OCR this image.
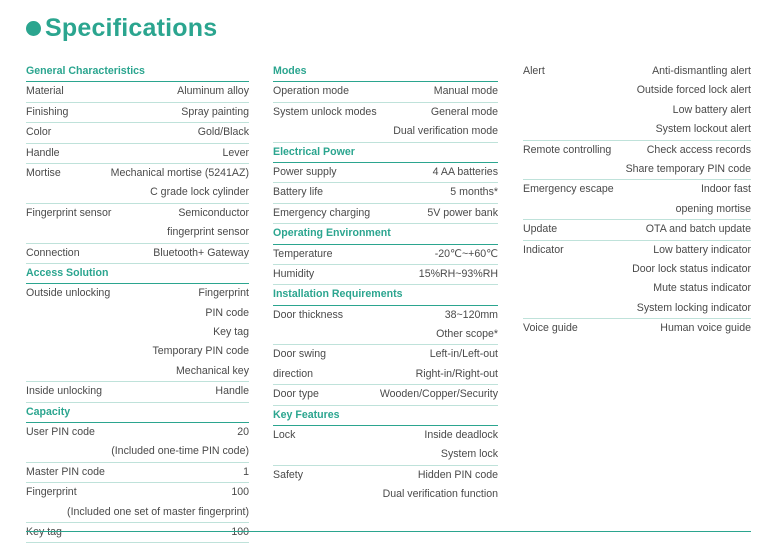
Specifications
General Characteristics
Material	Aluminum alloy
Finishing	Spray painting
Color	Gold/Black
Handle	Lever
Mortise	Mechanical mortise (5241AZ)
C grade lock cylinder
Fingerprint sensor	Semiconductor
fingerprint sensor
Connection	Bluetooth+ Gateway
Access Solution
Outside unlocking	Fingerprint
PIN code
Key tag
Temporary PIN code
Mechanical key
Inside unlocking	Handle
Capacity
User PIN code	20
(Included one-time PIN code)
Master PIN code	1
Fingerprint	100
(Included one set of master fingerprint)
Modes
Operation mode	Manual mode
System unlock modes	General mode
Dual verification mode
Electrical Power
Power supply	4 AA batteries
Battery life	5 months*
Emergency charging	5V power bank
Operating Environment
Temperature	-20℃~+60℃
Humidity	15%RH~93%RH
Installation Requirements
Door thickness	38~120mm
Other scope*
Door swing	Left-in/Left-out
direction	Right-in/Right-out
Door type	Wooden/Copper/Security
Key Features
Lock	Inside deadlock
System lock
Safety	Hidden PIN code
Dual verification function
Alert	Anti-dismantling alert
Outside forced lock alert
Low battery alert
System lockout alert
Remote controlling	Check access records
Share temporary PIN code
Emergency escape	Indoor fast
opening mortise
Update	OTA and batch update
Indicator	Low battery indicator
Door lock status indicator
Mute status indicator
System locking indicator
Voice guide	Human voice guide
